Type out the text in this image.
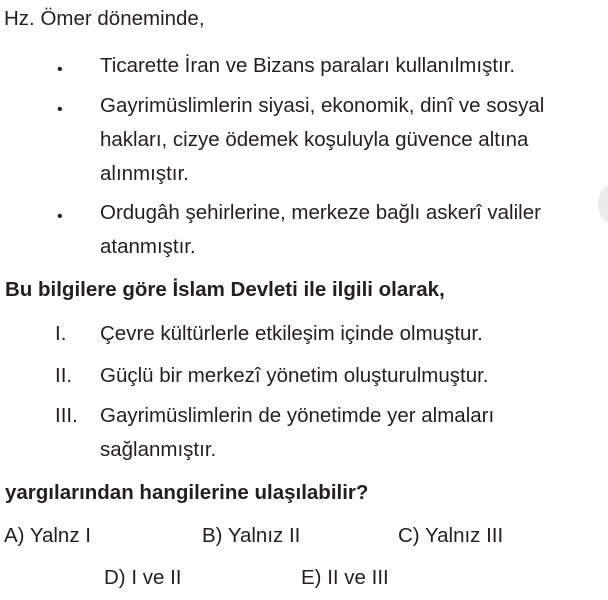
Hz. Ömer döneminde,
• Ticarette İran ve Bizans paraları kullanılmıştır.
• Gayrimüslimlerin siyasi, ekonomik, dinî ve sosyal
hakları, cizye ödemek koşuluyla güvence altına
alınmıştır.
• Ordugâh şehirlerine, merkeze bağlı askerî valiler
atanmıştır.
Bu bilgilere göre İslam Devleti ile ilgili olarak,
I. Çevre kültürlerle etkileşim içinde olmuştur.
II. Güçlü bir merkezî yönetim oluşturulmuştur.
III. Gayrimüslimlerin de yönetimde yer almaları
sağlanmıştır.
yargılarından hangilerine ulaşılabilir?
A) Yalnz I	B) Yalnız II	C) Yalnız III
D) I ve II	E) II ve III
